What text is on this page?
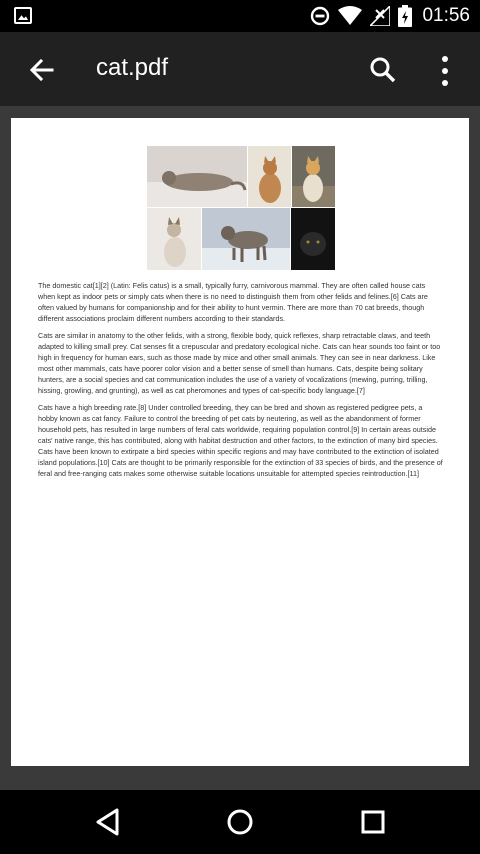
01:56
cat.pdf

The domestic cat[1][2] (Latin: Felis catus) is a small, typically furry, carnivorous mammal. They are often called house cats when kept as indoor pets or simply cats when there is no need to distinguish them from other felids and felines.[6] Cats are often valued by humans for companionship and for their ability to hunt vermin. There are more than 70 cat breeds, though different associations proclaim different numbers according to their standards.

Cats are similar in anatomy to the other felids, with a strong, flexible body, quick reflexes, sharp retractable claws, and teeth adapted to killing small prey. Cat senses fit a crepuscular and predatory ecological niche. Cats can hear sounds too faint or too high in frequency for human ears, such as those made by mice and other small animals. They can see in near darkness. Like most other mammals, cats have poorer color vision and a better sense of smell than humans. Cats, despite being solitary hunters, are a social species and cat communication includes the use of a variety of vocalizations (mewing, purring, trilling, hissing, growling, and grunting), as well as cat pheromones and types of cat-specific body language.[7]

Cats have a high breeding rate.[8] Under controlled breeding, they can be bred and shown as registered pedigree pets, a hobby known as cat fancy. Failure to control the breeding of pet cats by neutering, as well as the abandonment of former household pets, has resulted in large numbers of feral cats worldwide, requiring population control.[9] In certain areas outside cats' native range, this has contributed, along with habitat destruction and other factors, to the extinction of many bird species. Cats have been known to extirpate a bird species within specific regions and may have contributed to the extinction of isolated island populations.[10] Cats are thought to be primarily responsible for the extinction of 33 species of birds, and the presence of feral and free-ranging cats makes some otherwise suitable locations unsuitable for attempted species reintroduction.[11]
